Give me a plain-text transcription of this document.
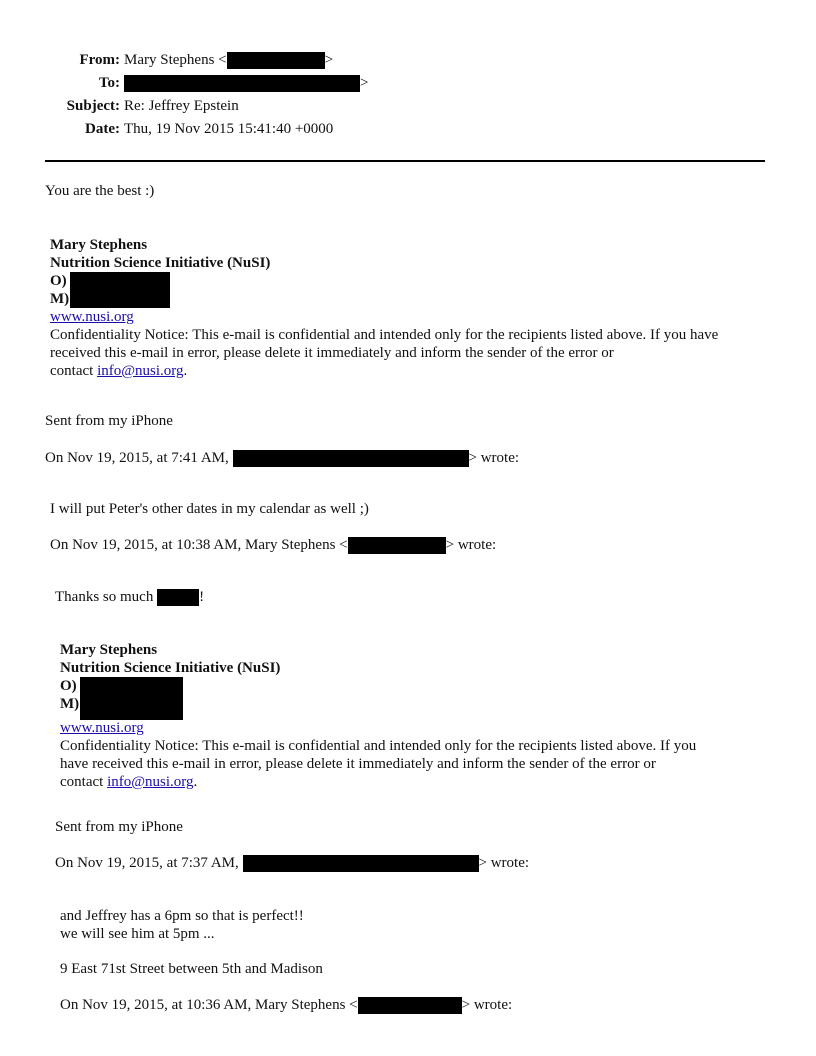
From: Mary Stephens <	>
To:	>
Subject: Re: Jeffrey Epstein
Date: Thu, 19 Nov 2015 15:41:40 +0000
You are the best :)
Mary Stephens
Nutrition Science Initiative (NuSI)
O)
M)
www.nusi.org
Confidentiality Notice: This e-mail is confidential and intended only for the recipients listed above. If you have
received this e-mail in error, please delete it immediately and inform the sender of the error or
contact info@nusi.org.
Sent from my iPhone
On Nov 19, 2015, at 7:41 AM,	> wrote:
I will put Peter's other dates in my calendar as well ;)
On Nov 19, 2015, at 10:38 AM, Mary Stephens <	> wrote:
Thanks so much	!
Mary Stephens
Nutrition Science Initiative (NuSI)
O)
M)
www.nusi.org
Confidentiality Notice: This e-mail is confidential and intended only for the recipients listed above. If you
have received this e-mail in error, please delete it immediately and inform the sender of the error or
contact info@nusi.org.
Sent from my iPhone
On Nov 19, 2015, at 7:37 AM,	> wrote:
and Jeffrey has a 6pm so that is perfect!!
we will see him at 5pm ...
9 East 71st Street between 5th and Madison
On Nov 19, 2015, at 10:36 AM, Mary Stephens <	> wrote:
